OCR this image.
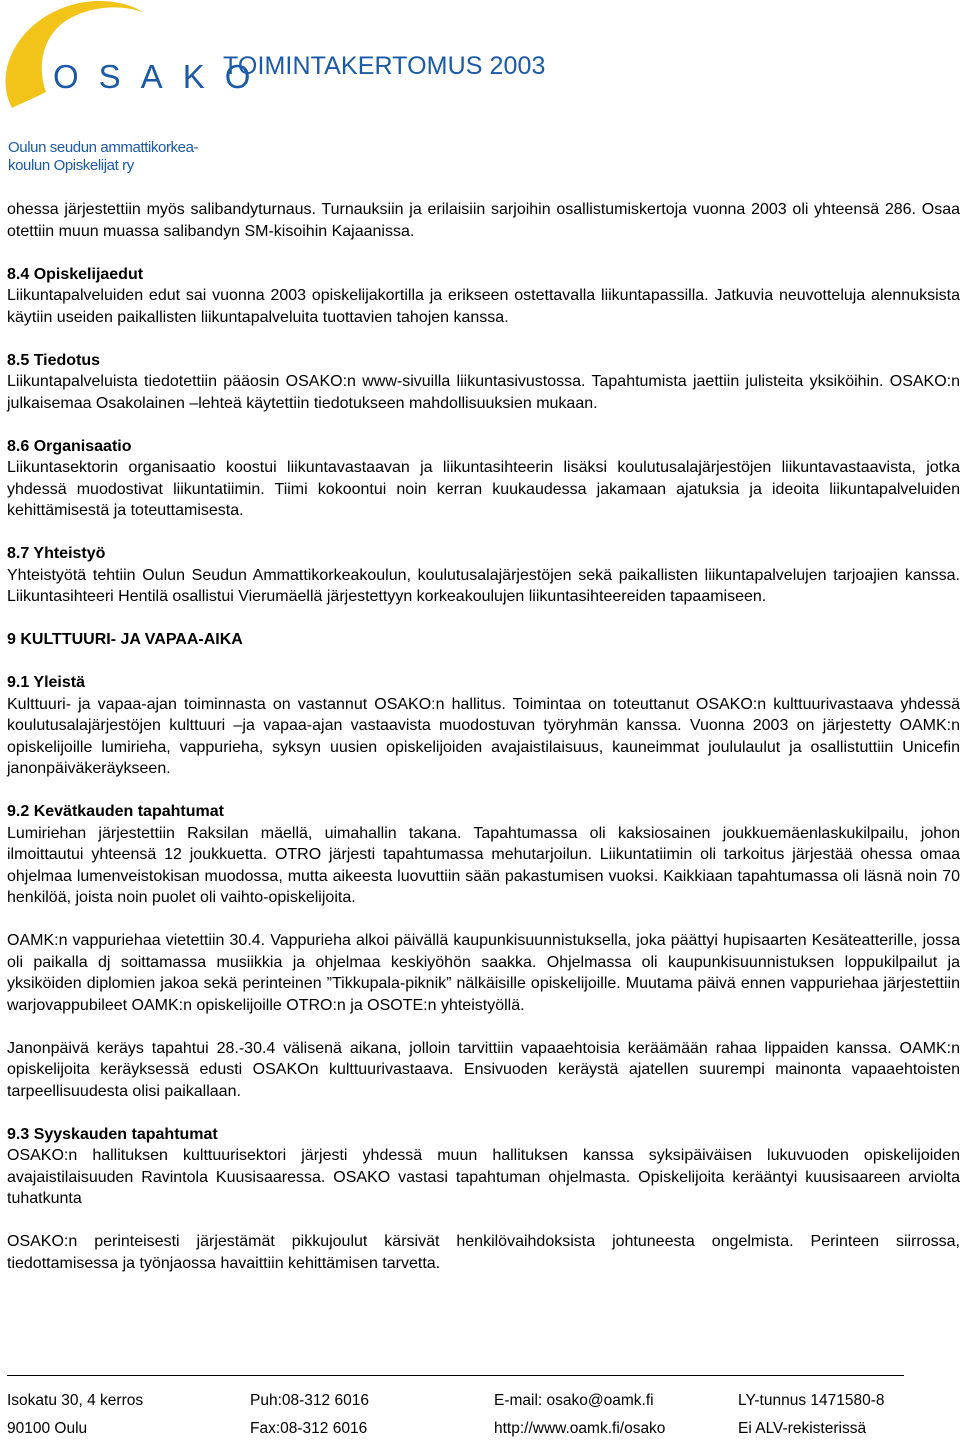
OSAKO
Oulun seudun ammattikorkea-
koulun Opiskelijat ry
TOIMINTAKERTOMUS 2003

ohessa järjestettiin myös salibandyturnaus. Turnauksiin ja erilaisiin sarjoihin osallistumiskertoja vuonna 2003 oli yhteensä 286. Osaa otettiin muun muassa salibandyn SM-kisoihin Kajaanissa.

8.4 Opiskelijaedut

Liikuntapalveluiden edut sai vuonna 2003 opiskelijakortilla ja erikseen ostettavalla liikuntapassilla. Jatkuvia neuvotteluja alennuksista käytiin useiden paikallisten liikuntapalveluita tuottavien tahojen kanssa.

8.5 Tiedotus

Liikuntapalveluista tiedotettiin pääosin OSAKO:n www-sivuilla liikuntasivustossa. Tapahtumista jaettiin julisteita yksiköihin. OSAKO:n julkaisemaa Osakolainen –lehteä käytettiin tiedotukseen mahdollisuuksien mukaan.

8.6 Organisaatio

Liikuntasektorin organisaatio koostui liikuntavastaavan ja liikuntasihteerin lisäksi koulutusalajärjestöjen liikuntavastaavista, jotka yhdessä muodostivat liikuntatiimin. Tiimi kokoontui noin kerran kuukaudessa jakamaan ajatuksia ja ideoita liikuntapalveluiden kehittämisestä ja toteuttamisesta.

8.7 Yhteistyö

Yhteistyötä tehtiin Oulun Seudun Ammattikorkeakoulun, koulutusalajärjestöjen sekä paikallisten liikuntapalvelujen tarjoajien kanssa. Liikuntasihteeri Hentilä osallistui Vierumäellä järjestettyyn korkeakoulujen liikuntasihteereiden tapaamiseen.

9 KULTTUURI- JA VAPAA-AIKA

9.1 Yleistä

Kulttuuri- ja vapaa-ajan toiminnasta on vastannut OSAKO:n hallitus. Toimintaa on toteuttanut OSAKO:n kulttuurivastaava yhdessä koulutusalajärjestöjen kulttuuri –ja vapaa-ajan vastaavista muodostuvan työryhmän kanssa. Vuonna 2003 on järjestetty OAMK:n opiskelijoille lumirieha, vappurieha, syksyn uusien opiskelijoiden avajaistilaisuus, kauneimmat joululaulut ja osallistuttiin Unicefin janonpäiväkeräykseen.

9.2 Kevätkauden tapahtumat

Lumiriehan järjestettiin Raksilan mäellä, uimahallin takana. Tapahtumassa oli kaksiosainen joukkuemäenlaskukilpailu, johon ilmoittautui yhteensä 12 joukkuetta. OTRO järjesti tapahtumassa mehutarjoilun. Liikuntatiimin oli tarkoitus järjestää ohessa omaa ohjelmaa lumenveistokisan muodossa, mutta aikeesta luovuttiin sään pakastumisen vuoksi. Kaikkiaan tapahtumassa oli läsnä noin 70 henkilöä, joista noin puolet oli vaihto-opiskelijoita.

OAMK:n vappuriehaa vietettiin 30.4. Vappurieha alkoi päivällä kaupunkisuunnistuksella, joka päättyi hupisaarten Kesäteatterille, jossa oli paikalla dj soittamassa musiikkia ja ohjelmaa keskiyöhön saakka. Ohjelmassa oli kaupunkisuunnistuksen loppukilpailut ja yksiköiden diplomien jakoa sekä perinteinen ”Tikkupala-piknik” nälkäisille opiskelijoille. Muutama päivä ennen vappuriehaa järjestettiin warjovappubileet OAMK:n opiskelijoille OTRO:n ja OSOTE:n yhteistyöllä.

Janonpäivä keräys tapahtui 28.-30.4 välisenä aikana, jolloin tarvittiin vapaaehtoisia keräämään rahaa lippaiden kanssa. OAMK:n opiskelijoita keräyksessä edusti OSAKOn kulttuurivastaava. Ensivuoden keräystä ajatellen suurempi mainonta vapaaehtoisten tarpeellisuudesta olisi paikallaan.

9.3 Syyskauden tapahtumat

OSAKO:n hallituksen kulttuurisektori järjesti yhdessä muun hallituksen kanssa syksipäiväisen lukuvuoden opiskelijoiden avajaistilaisuuden Ravintola Kuusisaaressa. OSAKO vastasi tapahtuman ohjelmasta. Opiskelijoita kerääntyi kuusisaareen arviolta tuhatkunta

OSAKO:n perinteisesti järjestämät pikkujoulut kärsivät henkilövaihdoksista johtuneesta ongelmista. Perinteen siirrossa, tiedottamisessa ja työnjaossa havaittiin kehittämisen tarvetta.

Isokatu 30, 4 kerros	Puh:08-312 6016	E-mail: osako@oamk.fi	LY-tunnus 1471580-8
90100 Oulu	Fax:08-312 6016	http://www.oamk.fi/osako	Ei ALV-rekisterissä
